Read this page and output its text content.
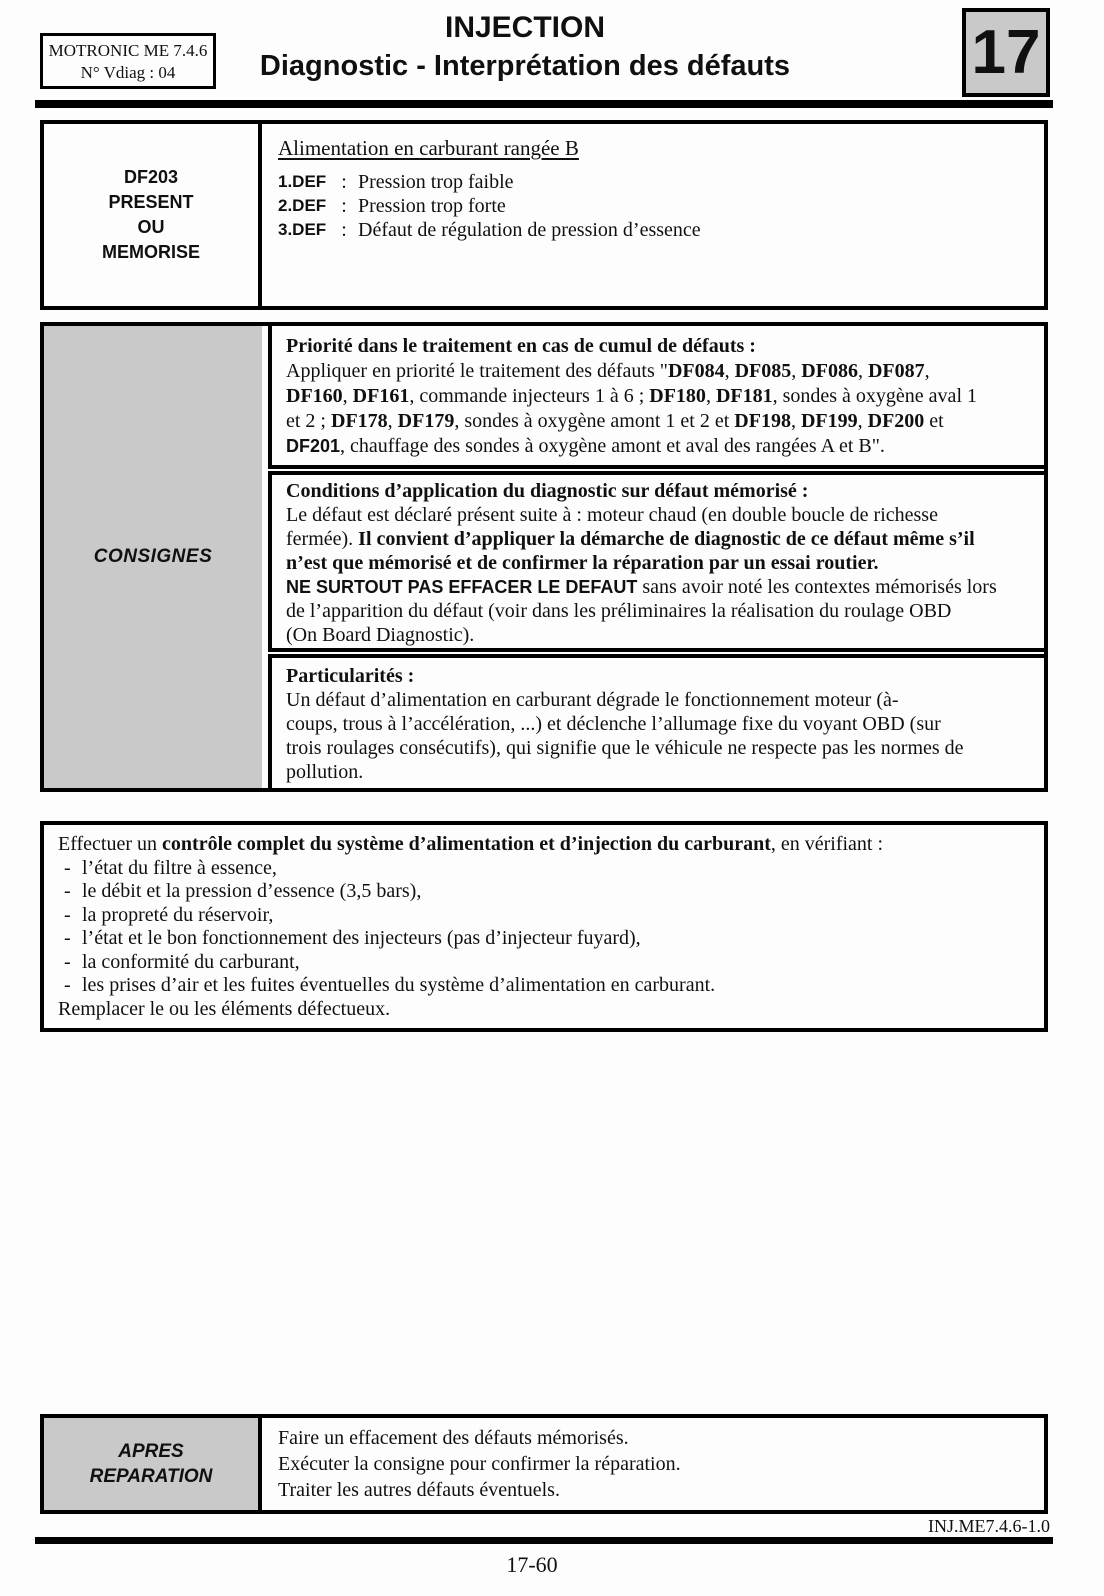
MOTRONIC ME 7.4.6
N° Vdiag : 04
INJECTION
Diagnostic - Interprétation des défauts	17
DF203
PRESENT
OU
MEMORISE
Alimentation en carburant rangée B
1.DEF : Pression trop faible
2.DEF : Pression trop forte
3.DEF : Défaut de régulation de pression d’essence
CONSIGNES
Priorité dans le traitement en cas de cumul de défauts :
Appliquer en priorité le traitement des défauts "DF084, DF085, DF086, DF087,
DF160, DF161, commande injecteurs 1 à 6 ; DF180, DF181, sondes à oxygène aval 1
et 2 ; DF178, DF179, sondes à oxygène amont 1 et 2 et DF198, DF199, DF200 et
DF201, chauffage des sondes à oxygène amont et aval des rangées A et B".
Conditions d’application du diagnostic sur défaut mémorisé :
Le défaut est déclaré présent suite à : moteur chaud (en double boucle de richesse
fermée). Il convient d’appliquer la démarche de diagnostic de ce défaut même s’il
n’est que mémorisé et de confirmer la réparation par un essai routier.
NE SURTOUT PAS EFFACER LE DEFAUT sans avoir noté les contextes mémorisés lors
de l’apparition du défaut (voir dans les préliminaires la réalisation du roulage OBD
(On Board Diagnostic).
Particularités :
Un défaut d’alimentation en carburant dégrade le fonctionnement moteur (à-
coups, trous à l’accélération, ...) et déclenche l’allumage fixe du voyant OBD (sur
trois roulages consécutifs), qui signifie que le véhicule ne respecte pas les normes de
pollution.
Effectuer un contrôle complet du système d’alimentation et d’injection du carburant, en vérifiant :
- l’état du filtre à essence,
- le débit et la pression d’essence (3,5 bars),
- la propreté du réservoir,
- l’état et le bon fonctionnement des injecteurs (pas d’injecteur fuyard),
- la conformité du carburant,
- les prises d’air et les fuites éventuelles du système d’alimentation en carburant.
Remplacer le ou les éléments défectueux.
APRES
REPARATION
Faire un effacement des défauts mémorisés.
Exécuter la consigne pour confirmer la réparation.
Traiter les autres défauts éventuels.
INJ.ME7.4.6-1.0
17-60
